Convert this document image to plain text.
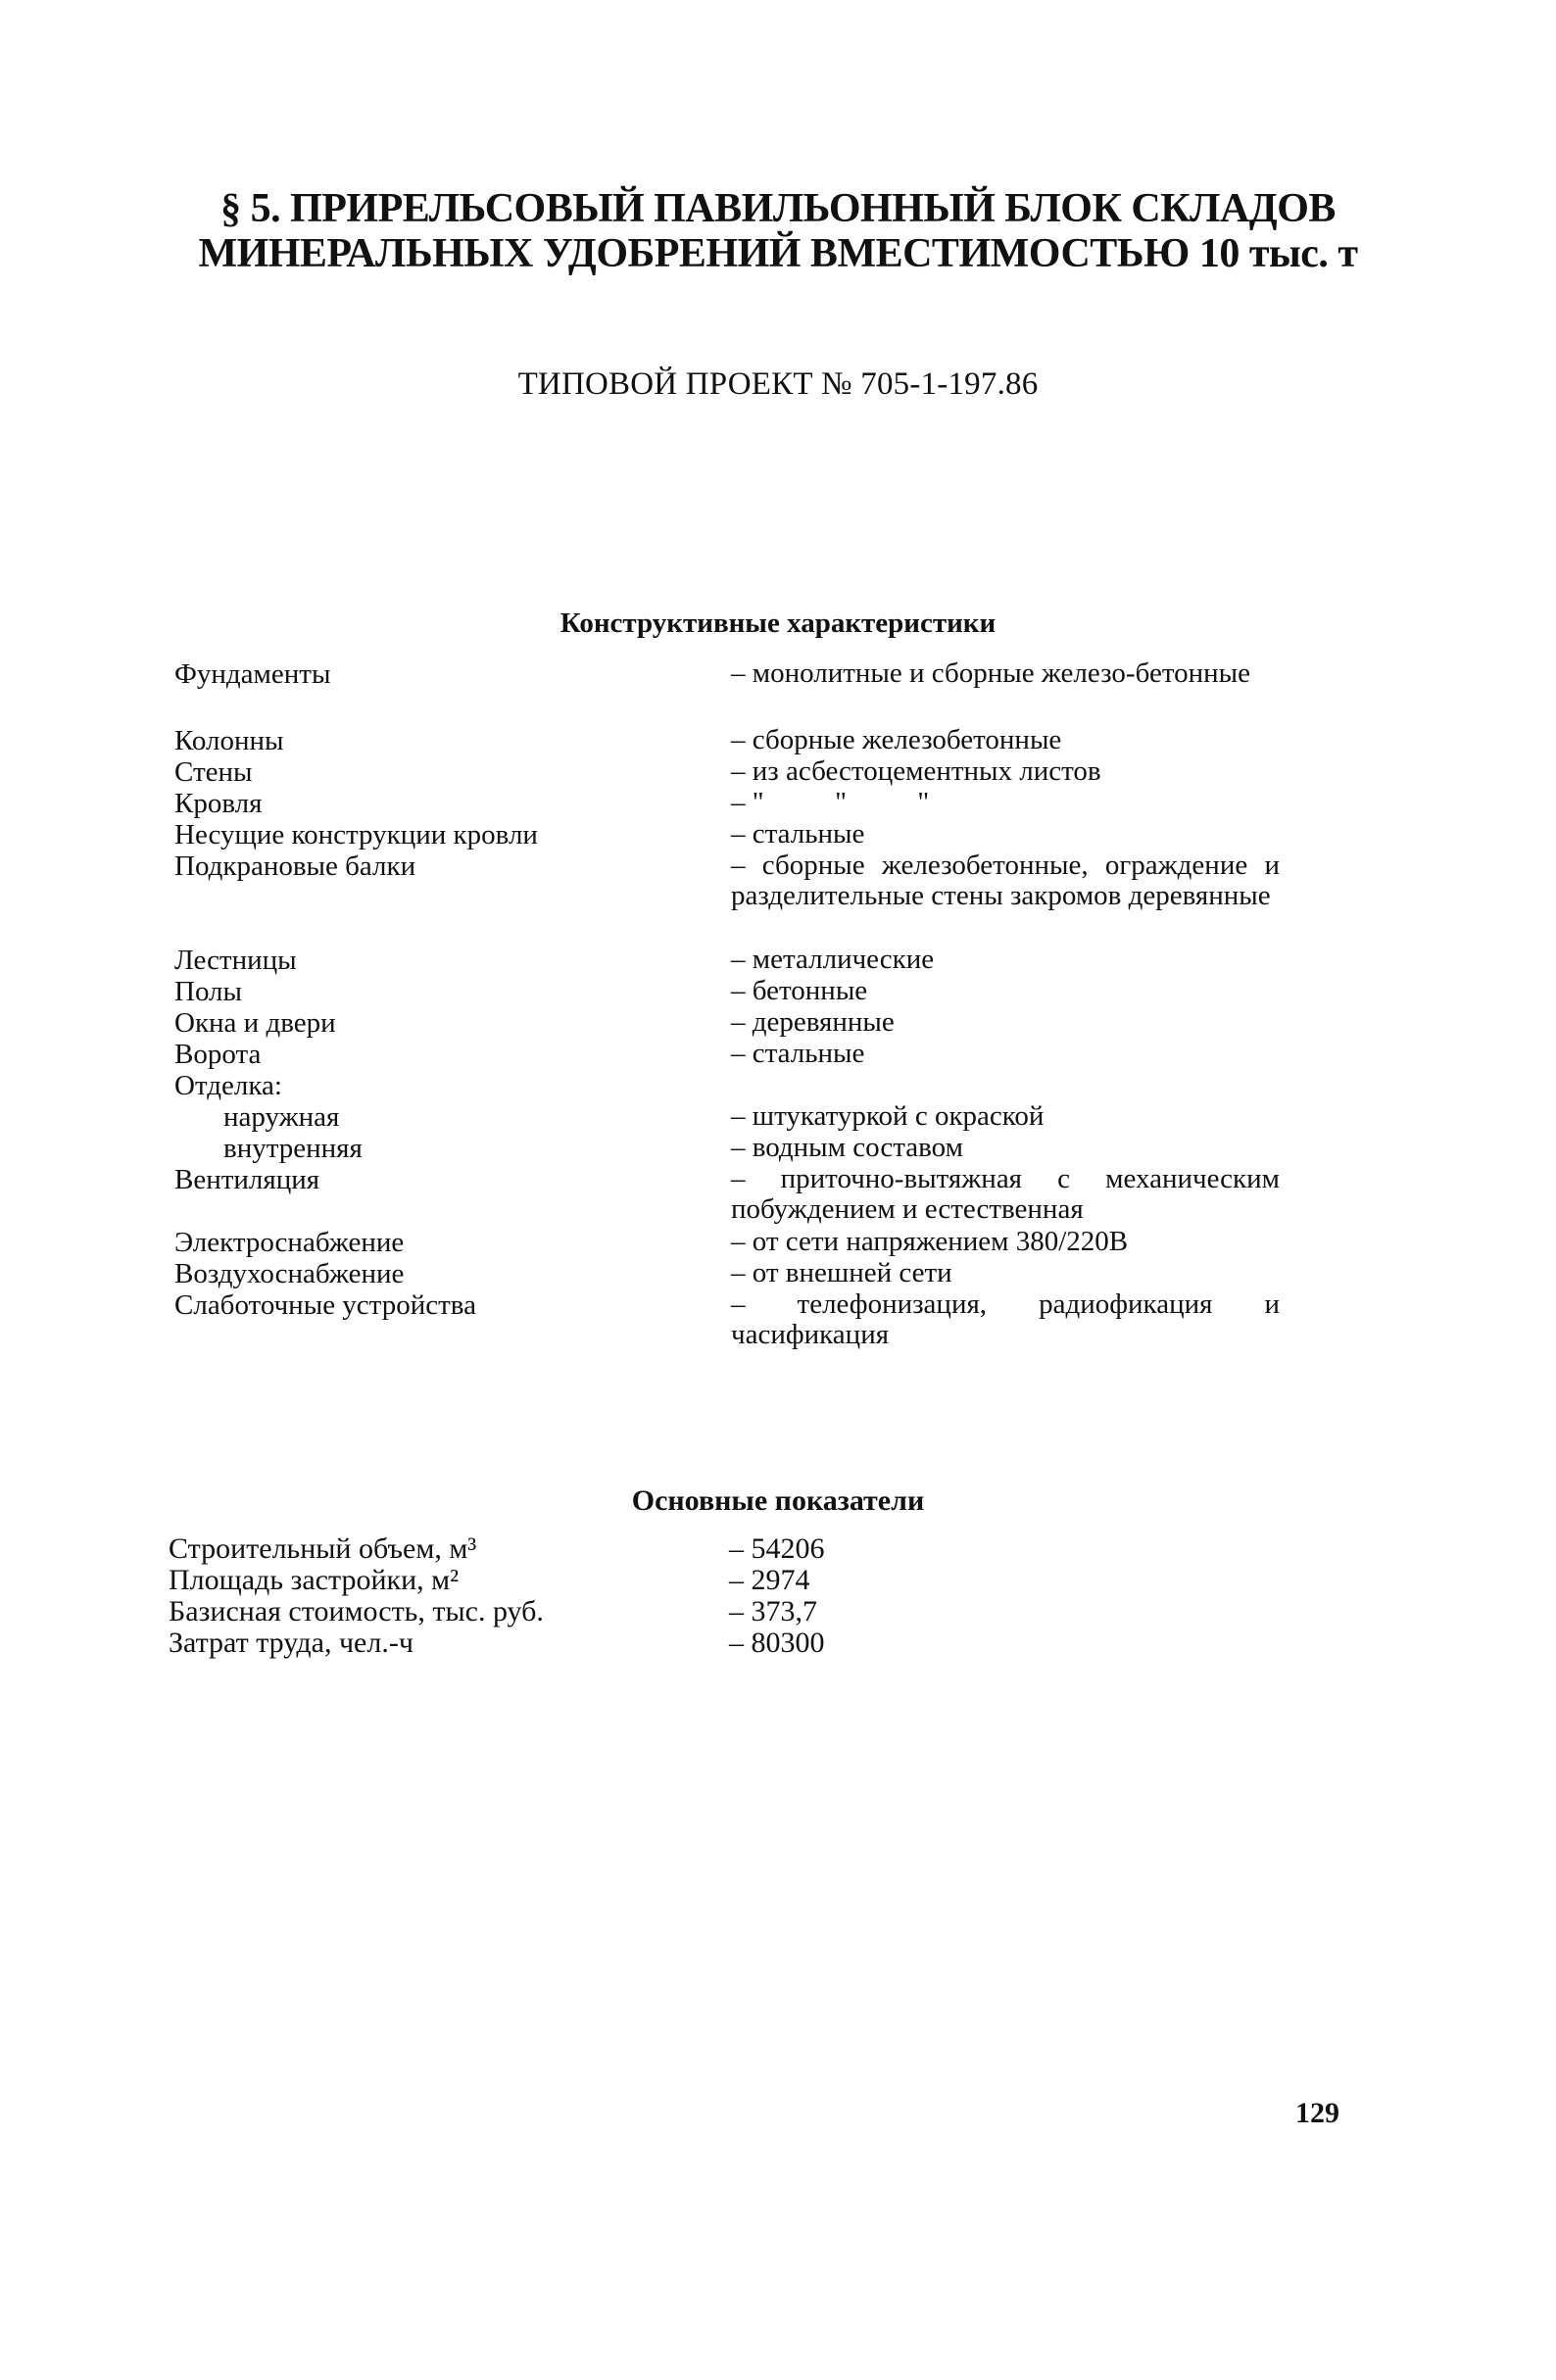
§ 5. ПРИРЕЛЬСОВЫЙ ПАВИЛЬОННЫЙ БЛОК СКЛАДОВ
МИНЕРАЛЬНЫХ УДОБРЕНИЙ ВМЕСТИМОСТЬЮ 10 тыс. т
ТИПОВОЙ ПРОЕКТ № 705-1-197.86
Конструктивные характеристики
Фундаменты	– монолитные и сборные железо-бетонные
Колонны	– сборные железобетонные
Стены	– из асбестоцементных листов
Кровля	– "          "          "
Несущие конструкции кровли	– стальные
Подкрановые балки	– сборные железобетонные, ограждение и разделительные стены закромов деревянные
Лестницы	– металлические
Полы	– бетонные
Окна и двери	– деревянные
Ворота	– стальные
Отделка:
наружная	– штукатуркой с окраской
внутренняя	– водным составом
Вентиляция	– приточно-вытяжная с механическим побуждением и естественная
Электроснабжение	– от сети напряжением 380/220В
Воздухоснабжение	– от внешней сети
Слаботочные устройства	– телефонизация, радиофикация и часификация
Основные показатели
Строительный объем, м³	– 54206
Площадь застройки, м²	– 2974
Базисная стоимость, тыс. руб.	– 373,7
Затрат труда, чел.-ч	– 80300
129
